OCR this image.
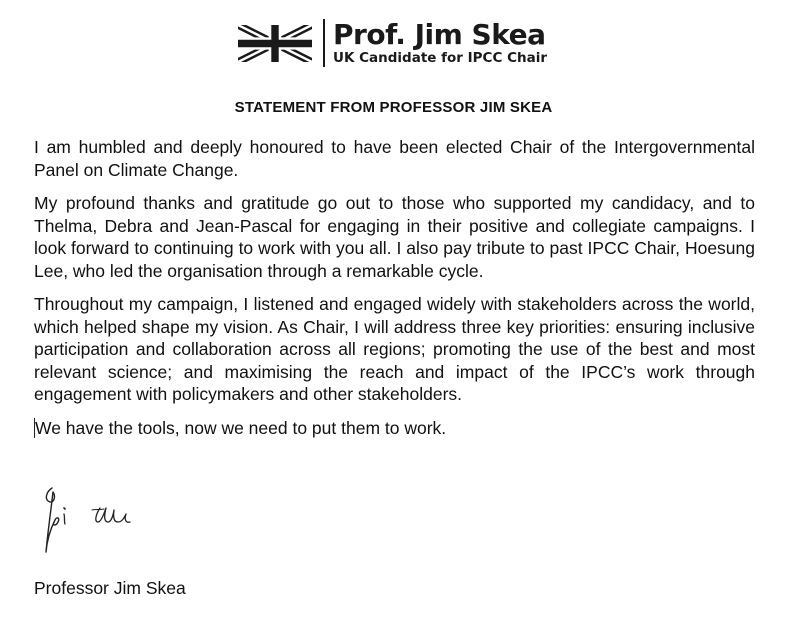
Prof. Jim Skea
UK Candidate for IPCC Chair
STATEMENT FROM PROFESSOR JIM SKEA

I am humbled and deeply honoured to have been elected Chair of the Intergovernmental Panel on Climate Change.

My profound thanks and gratitude go out to those who supported my candidacy, and to Thelma, Debra and Jean-Pascal for engaging in their positive and collegiate campaigns. I look forward to continuing to work with you all. I also pay tribute to past IPCC Chair, Hoesung Lee, who led the organisation through a remarkable cycle.

Throughout my campaign, I listened and engaged widely with stakeholders across the world, which helped shape my vision. As Chair, I will address three key priorities: ensuring inclusive participation and collaboration across all regions; promoting the use of the best and most relevant science; and maximising the reach and impact of the IPCC’s work through engagement with policymakers and other stakeholders.

We have the tools, now we need to put them to work.

Professor Jim Skea
